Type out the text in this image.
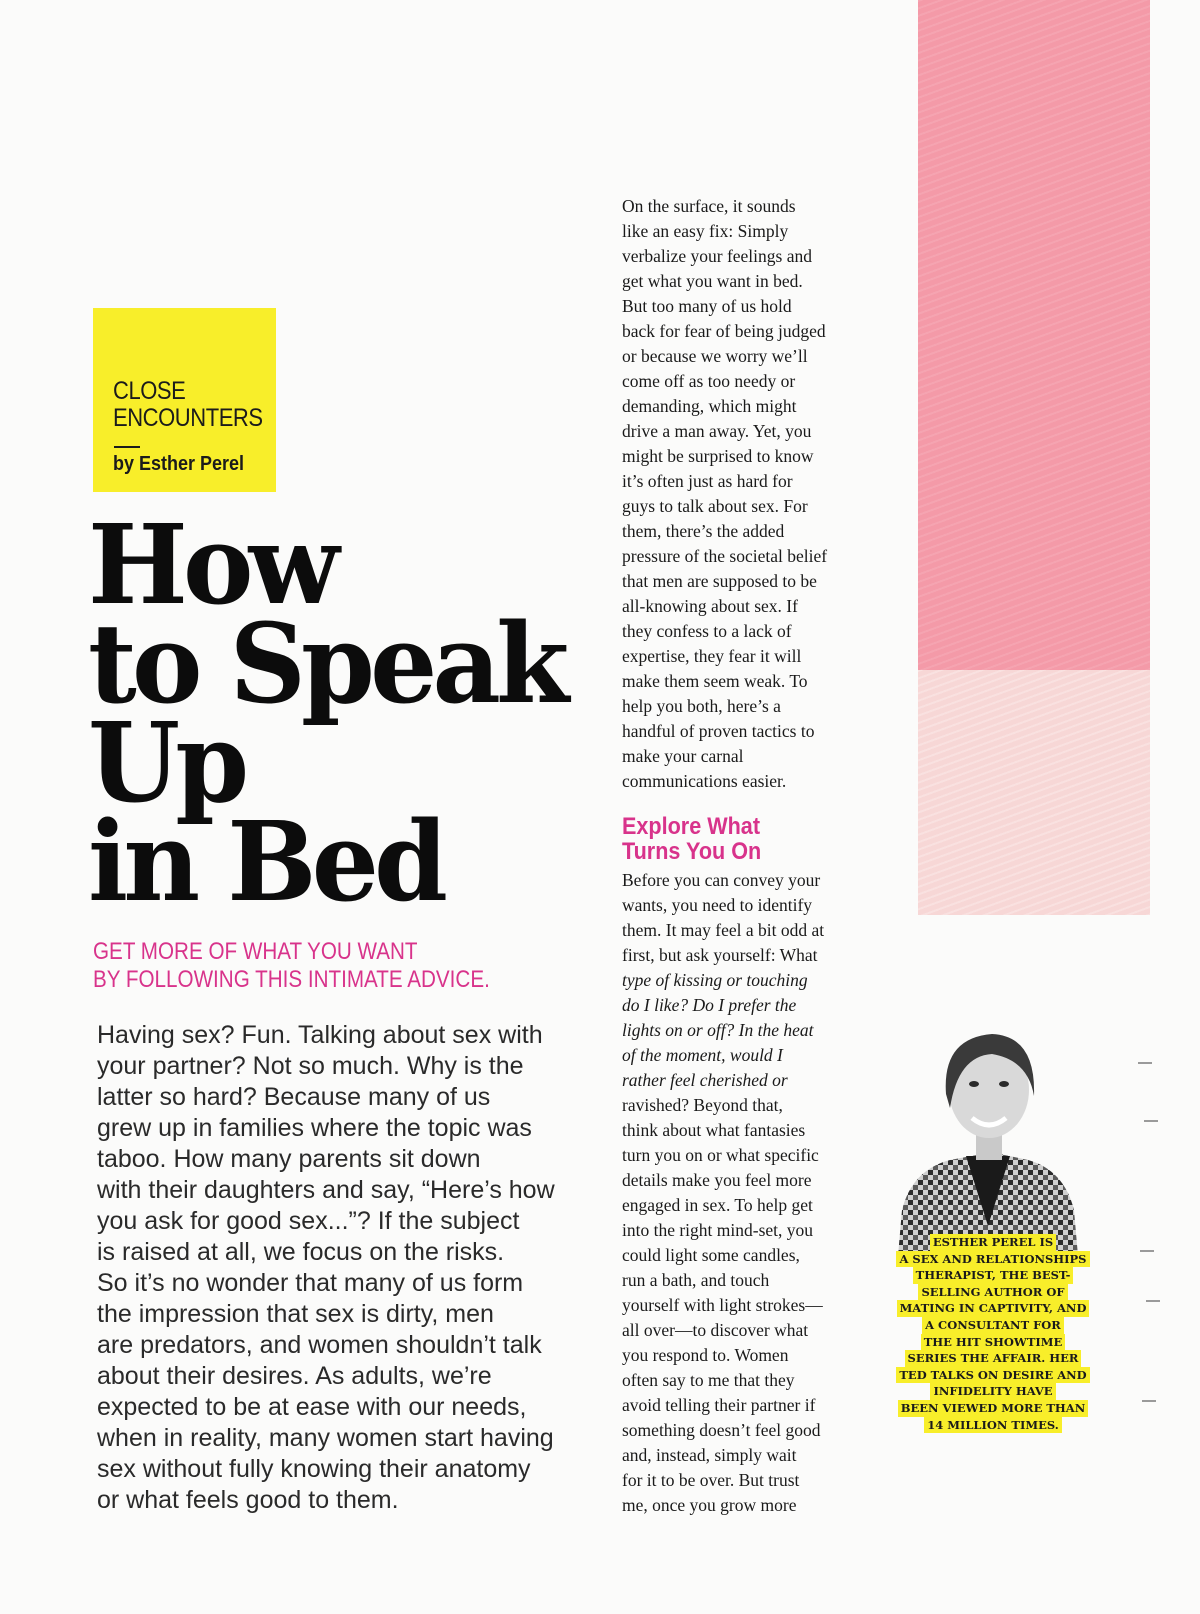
CLOSE
ENCOUNTERS
by Esther Perel
How
to Speak
Up
in Bed
GET MORE OF WHAT YOU WANT
BY FOLLOWING THIS INTIMATE ADVICE.
Having sex? Fun. Talking about sex with
your partner? Not so much. Why is the
latter so hard? Because many of us
grew up in families where the topic was
taboo. How many parents sit down
with their daughters and say, “Here’s how
you ask for good sex...”? If the subject
is raised at all, we focus on the risks.
So it’s no wonder that many of us form
the impression that sex is dirty, men
are predators, and women shouldn’t talk
about their desires. As adults, we’re
expected to be at ease with our needs,
when in reality, many women start having
sex without fully knowing their anatomy
or what feels good to them.
On the surface, it sounds
like an easy fix: Simply
verbalize your feelings and
get what you want in bed.
But too many of us hold
back for fear of being judged
or because we worry we’ll
come off as too needy or
demanding, which might
drive a man away. Yet, you
might be surprised to know
it’s often just as hard for
guys to talk about sex. For
them, there’s the added
pressure of the societal belief
that men are supposed to be
all-knowing about sex. If
they confess to a lack of
expertise, they fear it will
make them seem weak. To
help you both, here’s a
handful of proven tactics to
make your carnal
communications easier.
Explore What
Turns You On
Before you can convey your
wants, you need to identify
them. It may feel a bit odd at
first, but ask yourself: What
type of kissing or touching
do I like? Do I prefer the
lights on or off? In the heat
of the moment, would I
rather feel cherished or
ravished? Beyond that,
think about what fantasies
turn you on or what specific
details make you feel more
engaged in sex. To help get
into the right mind-set, you
could light some candles,
run a bath, and touch
yourself with light strokes—
all over—to discover what
you respond to. Women
often say to me that they
avoid telling their partner if
something doesn’t feel good
and, instead, simply wait
for it to be over. But trust
me, once you grow more
ESTHER PEREL IS
A SEX AND RELATIONSHIPS
THERAPIST, THE BEST-
SELLING AUTHOR OF
MATING IN CAPTIVITY, AND
A CONSULTANT FOR
THE HIT SHOWTIME
SERIES THE AFFAIR. HER
TED TALKS ON DESIRE AND
INFIDELITY HAVE
BEEN VIEWED MORE THAN
14 MILLION TIMES.
